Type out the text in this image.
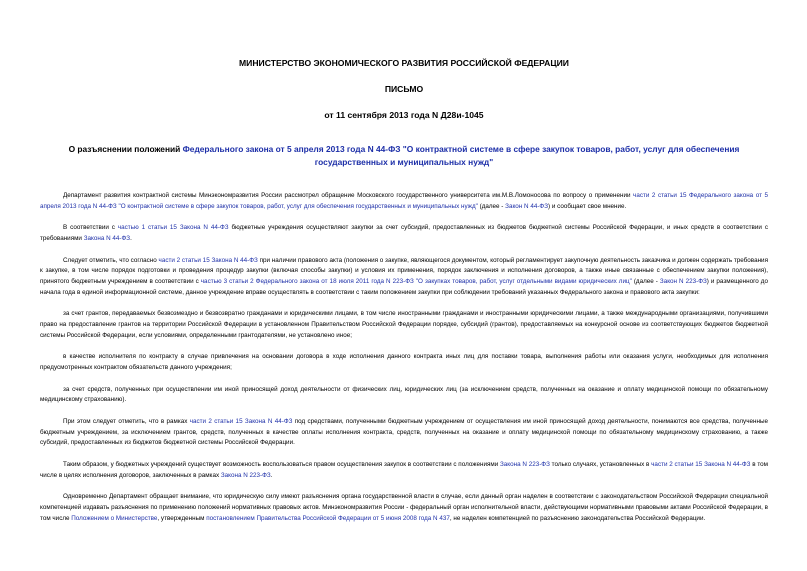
МИНИСТЕРСТВО ЭКОНОМИЧЕСКОГО РАЗВИТИЯ РОССИЙСКОЙ ФЕДЕРАЦИИ
ПИСЬМО
от 11 сентября 2013 года N Д28и-1045
О разъяснении положений Федерального закона от 5 апреля 2013 года N 44-ФЗ "О контрактной системе в сфере закупок товаров, работ, услуг для обеспечения государственных и муниципальных нужд"

Департамент развития контрактной системы Минэкономразвития России рассмотрел обращение Московского государственного университета им.М.В.Ломоносова по вопросу о применении части 2 статьи 15 Федерального закона от 5 апреля 2013 года N 44-ФЗ "О контрактной системе в сфере закупок товаров, работ, услуг для обеспечения государственных и муниципальных нужд" (далее - Закон N 44-ФЗ) и сообщает свое мнение.

В соответствии с частью 1 статьи 15 Закона N 44-ФЗ бюджетные учреждения осуществляют закупки за счет субсидий, предоставленных из бюджетов бюджетной системы Российской Федерации, и иных средств в соответствии с требованиями Закона N 44-ФЗ.

Следует отметить, что согласно части 2 статьи 15 Закона N 44-ФЗ при наличии правового акта (положения о закупке, являющегося документом, который регламентирует закупочную деятельность заказчика и должен содержать требования к закупке, в том числе порядок подготовки и проведения процедур закупки (включая способы закупки) и условия их применения, порядок заключения и исполнения договоров, а также иные связанные с обеспечением закупки положения), принятого бюджетным учреждением в соответствии с частью 3 статьи 2 Федерального закона от 18 июля 2011 года N 223-ФЗ "О закупках товаров, работ, услуг отдельными видами юридических лиц" (далее - Закон N 223-ФЗ) и размещенного до начала года в единой информационной системе, данное учреждение вправе осуществлять в соответствии с таким положением закупки при соблюдении требований указанных Федерального закона и правового акта закупки:

за счет грантов, передаваемых безвозмездно и безвозвратно гражданами и юридическими лицами, в том числе иностранными гражданами и иностранными юридическими лицами, а также международными организациями, получившими право на предоставление грантов на территории Российской Федерации в установленном Правительством Российской Федерации порядке, субсидий (грантов), предоставляемых на конкурсной основе из соответствующих бюджетов бюджетной системы Российской Федерации, если условиями, определенными грантодателями, не установлено иное;

в качестве исполнителя по контракту в случае привлечения на основании договора в ходе исполнения данного контракта иных лиц для поставки товара, выполнения работы или оказания услуги, необходимых для исполнения предусмотренных контрактом обязательств данного учреждения;

за счет средств, полученных при осуществлении им иной приносящей доход деятельности от физических лиц, юридических лиц (за исключением средств, полученных на оказание и оплату медицинской помощи по обязательному медицинскому страхованию).

При этом следует отметить, что в рамках части 2 статьи 15 Закона N 44-ФЗ под средствами, полученными бюджетным учреждением от осуществления им иной приносящей доход деятельности, понимаются все средства, полученные бюджетным учреждением, за исключением грантов, средств, полученных в качестве оплаты исполнения контракта, средств, полученных на оказание и оплату медицинской помощи по обязательному медицинскому страхованию, а также субсидий, предоставленных из бюджетов бюджетной системы Российской Федерации.

Таким образом, у бюджетных учреждений существует возможность воспользоваться правом осуществления закупок в соответствии с положениями Закона N 223-ФЗ только случаях, установленных в части 2 статьи 15 Закона N 44-ФЗ в том числе в целях исполнения договоров, заключенных в рамках Закона N 223-ФЗ.

Одновременно Департамент обращает внимание, что юридическую силу имеют разъяснения органа государственной власти в случае, если данный орган наделен в соответствии с законодательством Российской Федерации специальной компетенцией издавать разъяснения по применению положений нормативных правовых актов. Минэкономразвития России - федеральный орган исполнительной власти, действующими нормативными правовыми актами Российской Федерации, в том числе Положением о Министерстве, утвержденным постановлением Правительства Российской Федерации от 5 июня 2008 года N 437, не наделен компетенцией по разъяснению законодательства Российской Федерации.
